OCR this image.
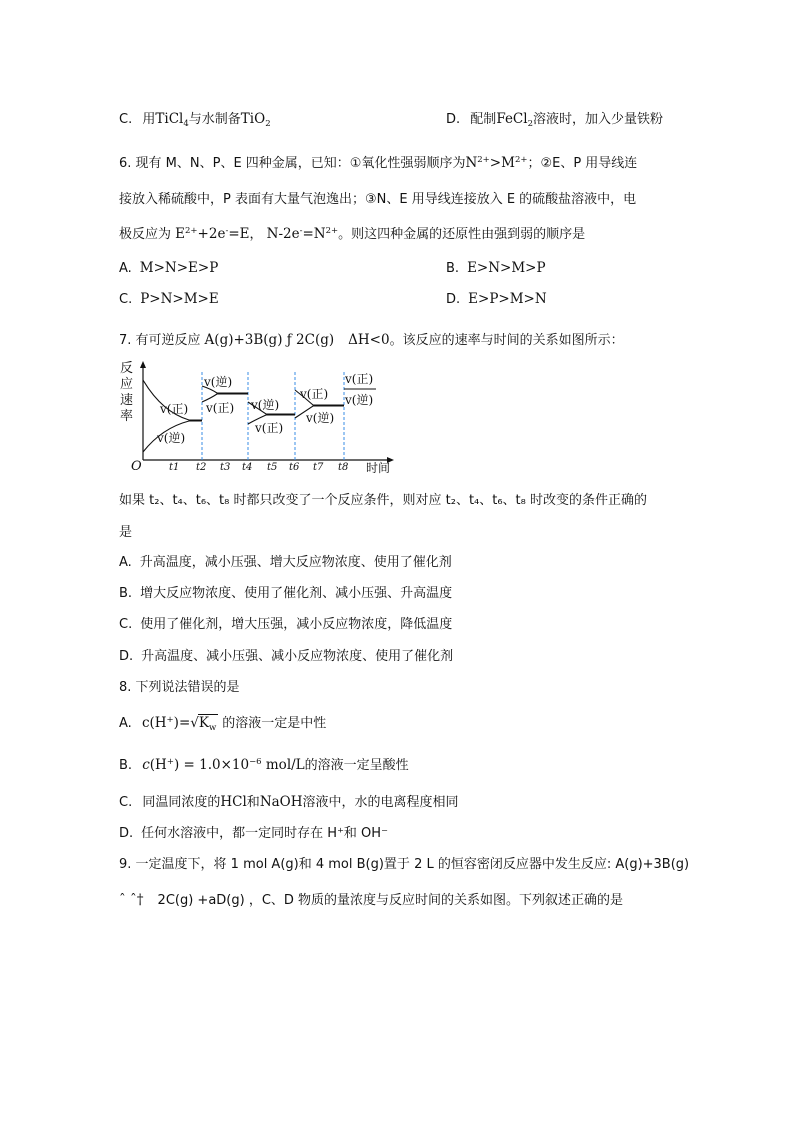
C. 用TiCl$_4$与水制备TiO$_2$	D. 配制FeCl$_2$溶液时，加入少量铁粉
6. 现有 M、N、P、E 四种金属，已知：①氧化性强弱顺序为$N^{2+}>M^{2+}$；②E、P 用导线连
接放入稀硫酸中，P 表面有大量气泡逸出；③N、E 用导线连接放入 E 的硫酸盐溶液中，电
极反应为 $E^{2+}+2e^-=E$， $N-2e^-=N^{2+}$。则这四种金属的还原性由强到弱的顺序是
A. M>N>E>P	B. E>N>M>P
C. P>N>M>E	D. E>P>M>N
7. 有可逆反应 A(g)+3B(g) ƒ 2C(g) ΔH<0。该反应的速率与时间的关系如图所示：
反
应
速
率
O	时间
v(正)
v(逆)
v(逆)
v(正) v(逆)
v(正)
v(正)
v(逆)
v(正)
v(逆)
t1 t2 t3 t4 t5 t6 t7 t8
如果 t₂、t₄、t₆、t₈ 时都只改变了一个反应条件，则对应 t₂、t₄、t₆、t₈ 时改变的条件正确的
是
A. 升高温度，减小压强、增大反应物浓度、使用了催化剂
B. 增大反应物浓度、使用了催化剂、减小压强、升高温度
C. 使用了催化剂，增大压强，减小反应物浓度，降低温度
D. 升高温度、减小压强、减小反应物浓度、使用了催化剂
8. 下列说法错误的是
A. $c(H^+)=√K_w$ 的溶液一定是中性
B. $c(H^+) = 1.0\times 10^{-6}$ mol/L的溶液一定呈酸性
C. 同温同浓度的HCl和NaOH溶液中，水的电离程度相同
D. 任何水溶液中，都一定同时存在 H⁺和 OH⁻
9. 一定温度下，将 1 mol A(g)和 4 mol B(g)置于 2 L 的恒容密闭反应器中发生反应: A(g)+3B(g)
ˆ ˆ† 2C(g) +aD(g) ，C、D 物质的量浓度与反应时间的关系如图。下列叙述正确的是
